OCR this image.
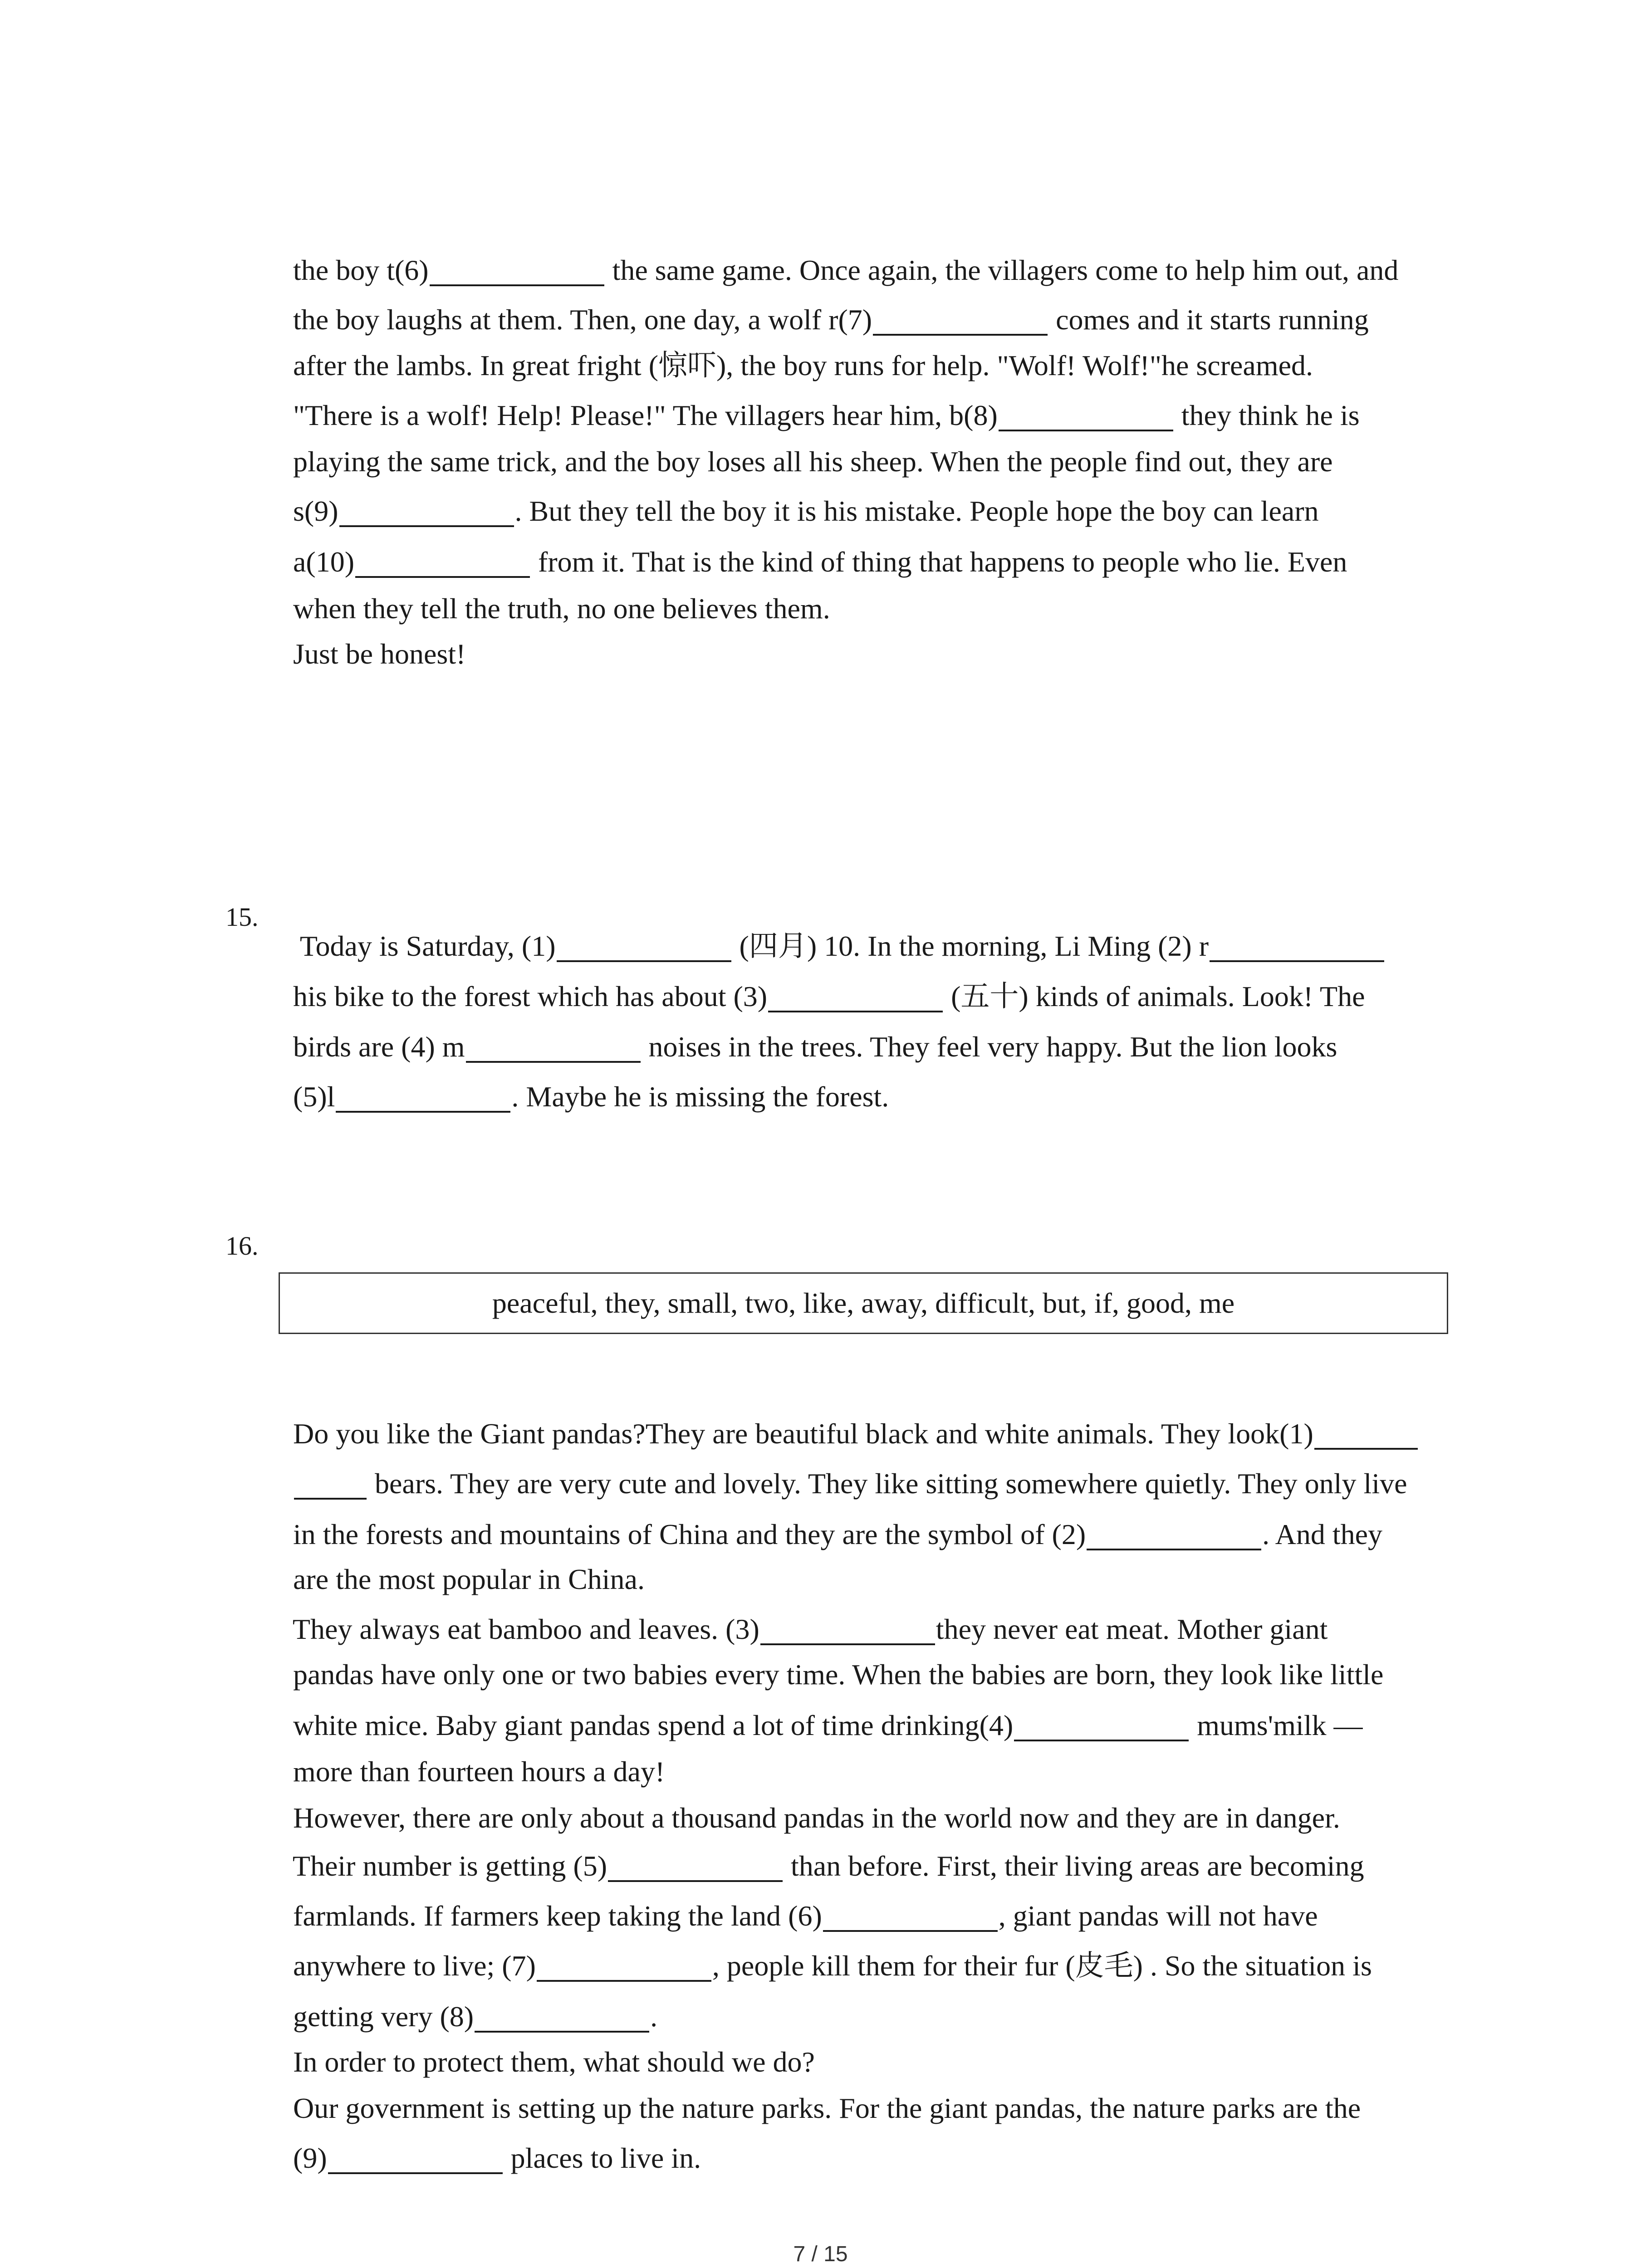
the boy t(6)	the same game. Once again, the villagers come to help him out, and

the boy laughs at them. Then, one day, a wolf r(7)	comes and it starts running

after the lambs. In great fright (惊吓), the boy runs for help. "Wolf! Wolf!"he screamed.

"There is a wolf! Help! Please!" The villagers hear him, b(8)	they think he is

playing the same trick, and the boy loses all his sheep. When the people find out, they are

s(9)	. But they tell the boy it is his mistake. People hope the boy can learn

a(10)	from it. That is the kind of thing that happens to people who lie. Even

when they tell the truth, no one believes them.

Just be honest!

15.

Today is Saturday, (1)	(四月) 10. In the morning, Li Ming (2) r

his bike to the forest which has about (3)	(五十) kinds of animals. Look! The

birds are (4) m	noises in the trees. They feel very happy. But the lion looks

(5)l	. Maybe he is missing the forest.

16.
peaceful, they, small, two, like, away, difficult, but, if, good, me

Do you like the Giant pandas?They are beautiful black and white animals. They look(1)

bears. They are very cute and lovely. They like sitting somewhere quietly. They only live

in the forests and mountains of China and they are the symbol of (2)	. And they

are the most popular in China.

They always eat bamboo and leaves. (3)	they never eat meat. Mother giant

pandas have only one or two babies every time. When the babies are born, they look like little

white mice. Baby giant pandas spend a lot of time drinking(4)	mums'milk —

more than fourteen hours a day!

However, there are only about a thousand pandas in the world now and they are in danger.

Their number is getting (5)	than before. First, their living areas are becoming

farmlands. If farmers keep taking the land (6)	, giant pandas will not have

anywhere to live; (7)	, people kill them for their fur (皮毛) . So the situation is

getting very (8)	.

In order to protect them, what should we do?

Our government is setting up the nature parks. For the giant pandas, the nature parks are the

(9)	places to live in.

7 / 15
